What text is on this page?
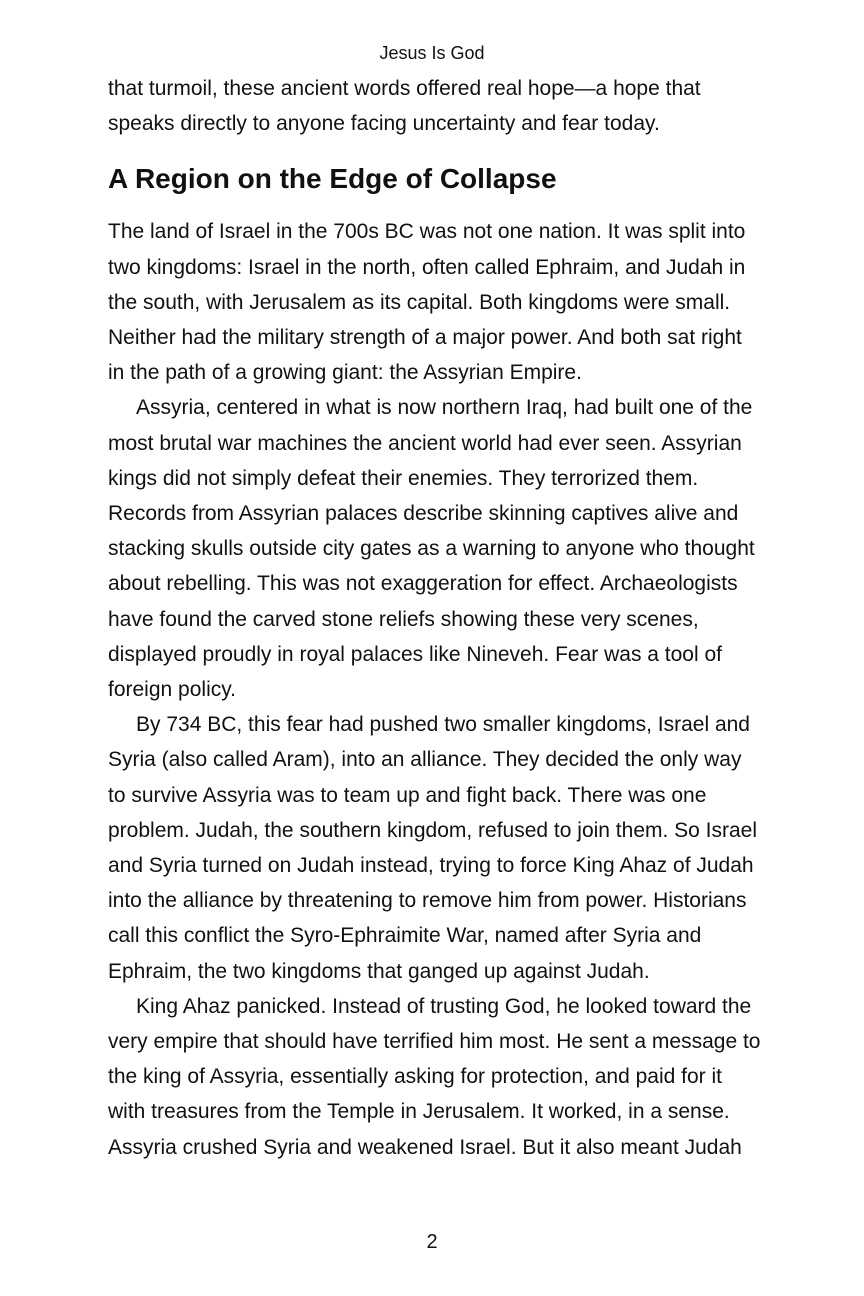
Jesus Is God

that turmoil, these ancient words offered real hope—a hope that
speaks directly to anyone facing uncertainty and fear today.

A Region on the Edge of Collapse

The land of Israel in the 700s BC was not one nation. It was split into
two kingdoms: Israel in the north, often called Ephraim, and Judah in
the south, with Jerusalem as its capital. Both kingdoms were small.
Neither had the military strength of a major power. And both sat right
in the path of a growing giant: the Assyrian Empire.

Assyria, centered in what is now northern Iraq, had built one of the
most brutal war machines the ancient world had ever seen. Assyrian
kings did not simply defeat their enemies. They terrorized them.
Records from Assyrian palaces describe skinning captives alive and
stacking skulls outside city gates as a warning to anyone who thought
about rebelling. This was not exaggeration for effect. Archaeologists
have found the carved stone reliefs showing these very scenes,
displayed proudly in royal palaces like Nineveh. Fear was a tool of
foreign policy.

By 734 BC, this fear had pushed two smaller kingdoms, Israel and
Syria (also called Aram), into an alliance. They decided the only way
to survive Assyria was to team up and fight back. There was one
problem. Judah, the southern kingdom, refused to join them. So Israel
and Syria turned on Judah instead, trying to force King Ahaz of Judah
into the alliance by threatening to remove him from power. Historians
call this conflict the Syro-Ephraimite War, named after Syria and
Ephraim, the two kingdoms that ganged up against Judah.

King Ahaz panicked. Instead of trusting God, he looked toward the
very empire that should have terrified him most. He sent a message to
the king of Assyria, essentially asking for protection, and paid for it
with treasures from the Temple in Jerusalem. It worked, in a sense.
Assyria crushed Syria and weakened Israel. But it also meant Judah

2
